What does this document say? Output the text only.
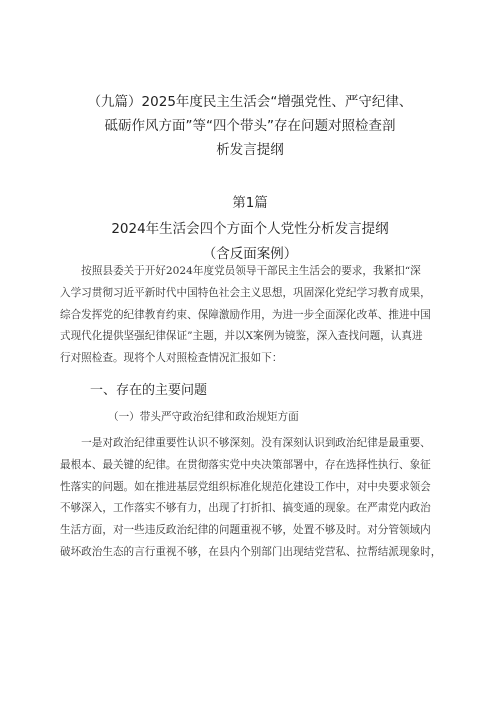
（九篇）2025年度民主生活会“增强党性、严守纪律、
砥砺作风方面”等“四个带头”存在问题对照检查剖
析发言提纲
第1篇
2024年生活会四个方面个人党性分析发言提纲
（含反面案例）
　　按照县委关于开好2024年度党员领导干部民主生活会的要求，我紧扣“深
入学习贯彻习近平新时代中国特色社会主义思想，巩固深化党纪学习教育成果，
综合发挥党的纪律教育约束、保障激励作用，为进一步全面深化改革、推进中国
式现代化提供坚强纪律保证”主题，并以X案例为镜鉴，深入查找问题，认真进
行对照检查。现将个人对照检查情况汇报如下：
一、存在的主要问题
（一）带头严守政治纪律和政治规矩方面
　　一是对政治纪律重要性认识不够深刻。没有深刻认识到政治纪律是最重要、
最根本、最关键的纪律。在贯彻落实党中央决策部署中，存在选择性执行、象征
性落实的问题。如在推进基层党组织标准化规范化建设工作中，对中央要求领会
不够深入，工作落实不够有力，出现了打折扣、搞变通的现象。在严肃党内政治
生活方面，对一些违反政治纪律的问题重视不够，处置不够及时。对分管领域内
破坏政治生态的言行重视不够，在县内个别部门出现结党营私、拉帮结派现象时，
